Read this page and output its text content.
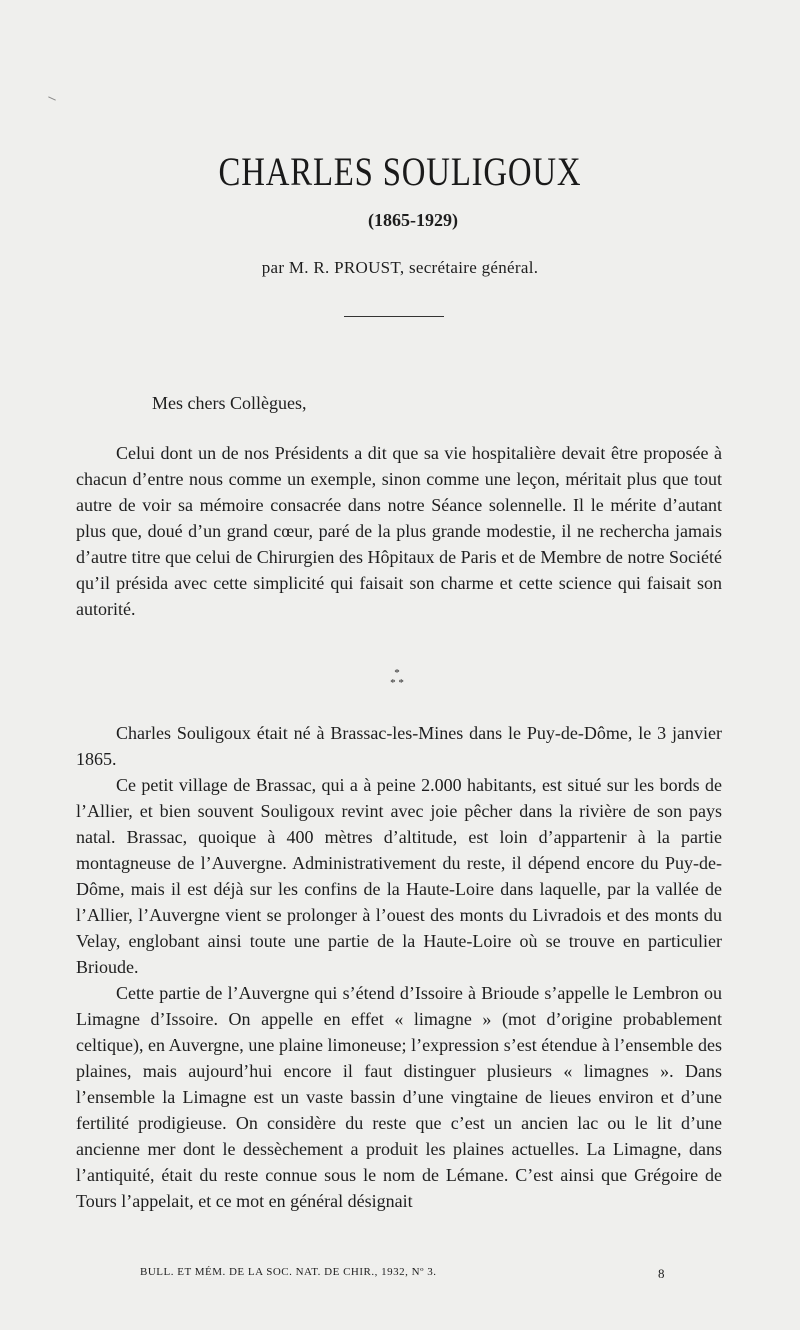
CHARLES SOULIGOUX
(1865-1929)
par M. R. PROUST, secrétaire général.
Mes chers Collègues,

Celui dont un de nos Présidents a dit que sa vie hospitalière devait être proposée à chacun d’entre nous comme un exemple, sinon comme une leçon, méritait plus que tout autre de voir sa mémoire consacrée dans notre Séance solennelle. Il le mérite d’autant plus que, doué d’un grand cœur, paré de la plus grande modestie, il ne rechercha jamais d’autre titre que celui de Chirurgien des Hôpitaux de Paris et de Membre de notre Société qu’il présida avec cette simplicité qui faisait son charme et cette science qui faisait son autorité.

*
* *

Charles Souligoux était né à Brassac-les-Mines dans le Puy-de-Dôme, le 3 janvier 1865.

Ce petit village de Brassac, qui a à peine 2.000 habitants, est situé sur les bords de l’Allier, et bien souvent Souligoux revint avec joie pêcher dans la rivière de son pays natal. Brassac, quoique à 400 mètres d’altitude, est loin d’appartenir à la partie montagneuse de l’Auvergne. Administrativement du reste, il dépend encore du Puy-de-Dôme, mais il est déjà sur les confins de la Haute-Loire dans laquelle, par la vallée de l’Allier, l’Auvergne vient se prolonger à l’ouest des monts du Livradois et des monts du Velay, englobant ainsi toute une partie de la Haute-Loire où se trouve en particulier Brioude.

Cette partie de l’Auvergne qui s’étend d’Issoire à Brioude s’appelle le Lembron ou Limagne d’Issoire. On appelle en effet « limagne » (mot d’origine probablement celtique), en Auvergne, une plaine limoneuse; l’expression s’est étendue à l’ensemble des plaines, mais aujourd’hui encore il faut distinguer plusieurs « limagnes ». Dans l’ensemble la Limagne est un vaste bassin d’une vingtaine de lieues environ et d’une fertilité prodigieuse. On considère du reste que c’est un ancien lac ou le lit d’une ancienne mer dont le dessèchement a produit les plaines actuelles. La Limagne, dans l’antiquité, était du reste connue sous le nom de Lémane. C’est ainsi que Grégoire de Tours l’appelait, et ce mot en général désignait

BULL. ET MÉM. DE LA SOC. NAT. DE CHIR., 1932, Nº 3.	8
